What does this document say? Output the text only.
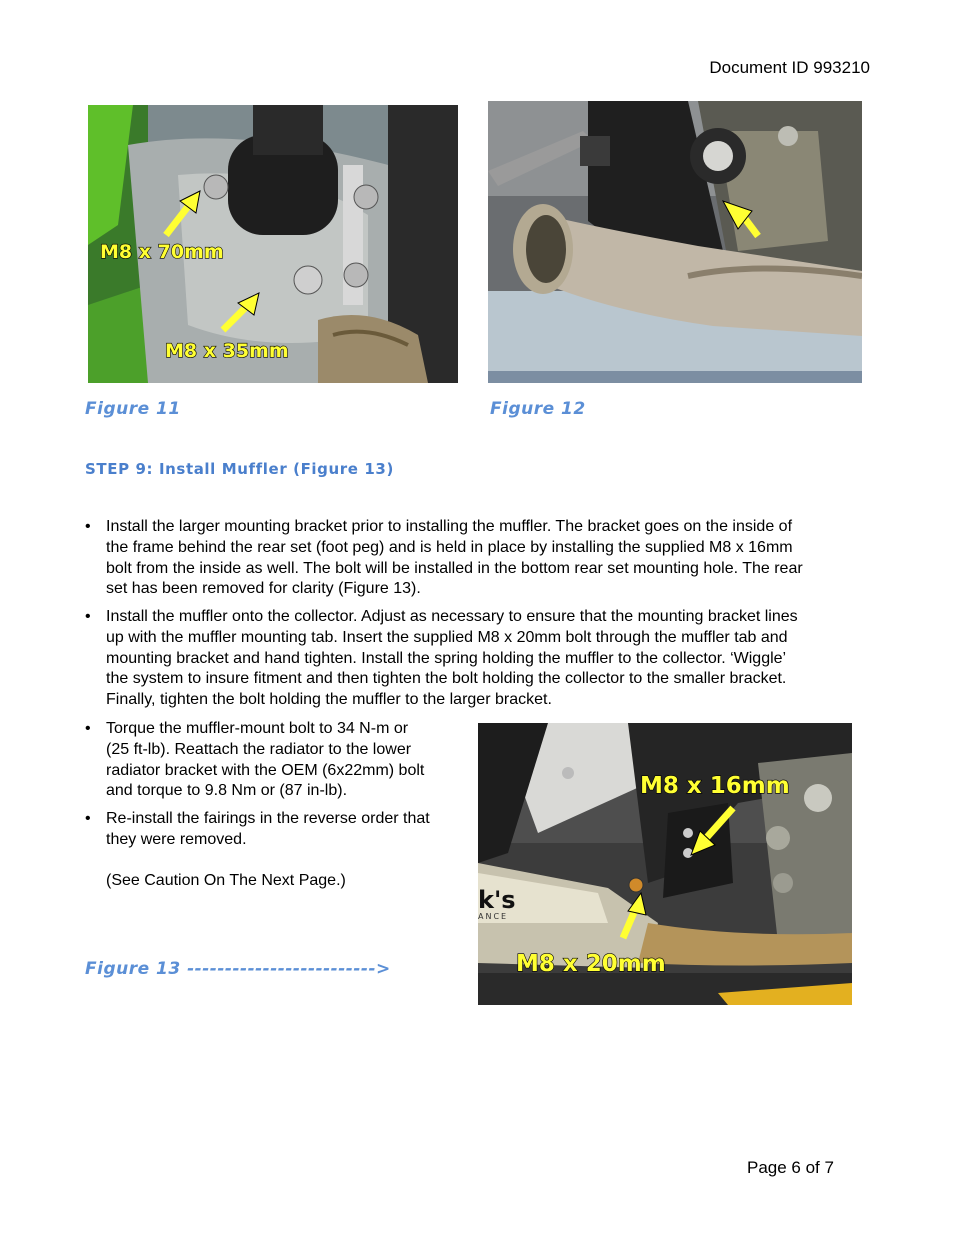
Document ID 993210
M8 x 70mm
M8 x 35mm
Figure 11	Figure 12
STEP 9: Install Muffler (Figure 13)
• Install the larger mounting bracket prior to installing the muffler. The bracket goes on the inside of
the frame behind the rear set (foot peg) and is held in place by installing the supplied M8 x 16mm
bolt from the inside as well. The bolt will be installed in the bottom rear set mounting hole. The rear
set has been removed for clarity (Figure 13).
• Install the muffler onto the collector. Adjust as necessary to ensure that the mounting bracket lines
up with the muffler mounting tab. Insert the supplied M8 x 20mm bolt through the muffler tab and
mounting bracket and hand tighten. Install the spring holding the muffler to the collector. ‘Wiggle’
the system to insure fitment and then tighten the bolt holding the collector to the smaller bracket.
Finally, tighten the bolt holding the muffler to the larger bracket.
• Torque the muffler-mount bolt to 34 N-m or
(25 ft-lb). Reattach the radiator to the lower
radiator bracket with the OEM (6x22mm) bolt
and torque to 9.8 Nm or (87 in-lb).
• Re-install the fairings in the reverse order that
they were removed.
(See Caution On The Next Page.)
Figure 13 ------------------------->
k's
ANCE
M8 x 16mm
M8 x 20mm
Page 6 of 7
